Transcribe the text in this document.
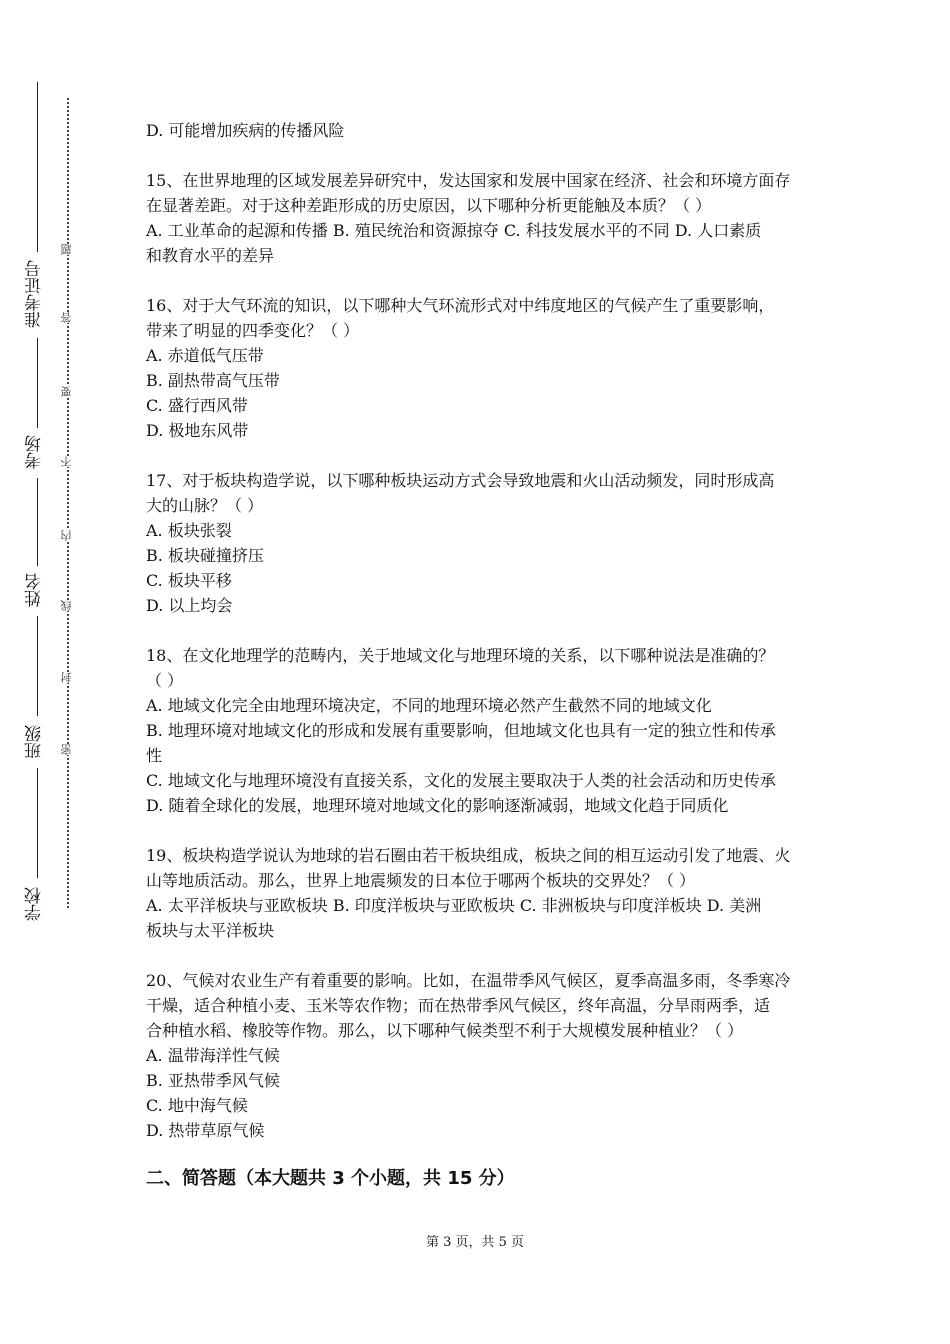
准考证号
考场
姓名
班级
学校
题
答
要
不
内
线
封
密
D. 可能增加疾病的传播风险
15、在世界地理的区域发展差异研究中，发达国家和发展中国家在经济、社会和环境方面存
在显著差距。对于这种差距形成的历史原因，以下哪种分析更能触及本质？（ ）
A. 工业革命的起源和传播 B. 殖民统治和资源掠夺 C. 科技发展水平的不同 D. 人口素质
和教育水平的差异
16、对于大气环流的知识，以下哪种大气环流形式对中纬度地区的气候产生了重要影响，
带来了明显的四季变化？（ ）
A. 赤道低气压带
B. 副热带高气压带
C. 盛行西风带
D. 极地东风带
17、对于板块构造学说，以下哪种板块运动方式会导致地震和火山活动频发，同时形成高
大的山脉？（ ）
A. 板块张裂
B. 板块碰撞挤压
C. 板块平移
D. 以上均会
18、在文化地理学的范畴内，关于地域文化与地理环境的关系，以下哪种说法是准确的？
（ ）
A. 地域文化完全由地理环境决定，不同的地理环境必然产生截然不同的地域文化
B. 地理环境对地域文化的形成和发展有重要影响，但地域文化也具有一定的独立性和传承
性
C. 地域文化与地理环境没有直接关系，文化的发展主要取决于人类的社会活动和历史传承
D. 随着全球化的发展，地理环境对地域文化的影响逐渐减弱，地域文化趋于同质化
19、板块构造学说认为地球的岩石圈由若干板块组成，板块之间的相互运动引发了地震、火
山等地质活动。那么，世界上地震频发的日本位于哪两个板块的交界处？（ ）
A. 太平洋板块与亚欧板块 B. 印度洋板块与亚欧板块 C. 非洲板块与印度洋板块 D. 美洲
板块与太平洋板块
20、气候对农业生产有着重要的影响。比如，在温带季风气候区，夏季高温多雨，冬季寒冷
干燥，适合种植小麦、玉米等农作物；而在热带季风气候区，终年高温，分旱雨两季，适
合种植水稻、橡胶等作物。那么，以下哪种气候类型不利于大规模发展种植业？（ ）
A. 温带海洋性气候
B. 亚热带季风气候
C. 地中海气候
D. 热带草原气候
二、简答题（本大题共 3 个小题，共 15 分）
第 3 页，共 5 页
